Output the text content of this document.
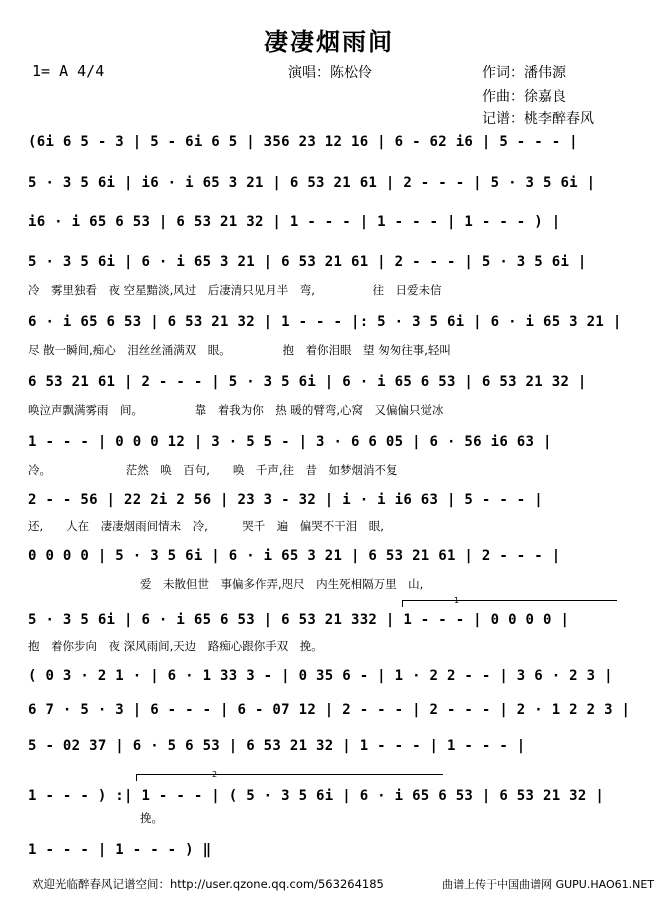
凄凄烟雨间
1= A 4/4	演唱：陈松伶	作词：潘伟源
作曲：徐嘉良
记谱：桃李醉春风
(6i 6 5 - 3 | 5 - 6i 6 5 | 356 23 12 16 | 6 - 62 i6 | 5 - - - |
5 · 3 5 6i | i6 · i 65 3 21 | 6 53 21 61 | 2 - - - | 5 · 3 5 6i |
i6 · i 65 6 53 | 6 53 21 32 | 1 - - - | 1 - - - | 1 - - - ) |
5 · 3 5 6i | 6 · i 65 3 21 | 6 53 21 61 | 2 - - - | 5 · 3 5 6i |
冷　雾里独看　夜 空星黯淡,风过　后凄清只见月半　弯,　　　　　往　日爱未信
6 · i 65 6 53 | 6 53 21 32 | 1 - - - |: 5 · 3 5 6i | 6 · i 65 3 21 |
尽 散一瞬间,痴心　泪丝丝涌满双　眼。　　　　　抱　着你泪眼　望 匆匆往事,轻叫
6 53 21 61 | 2 - - - | 5 · 3 5 6i | 6 · i 65 6 53 | 6 53 21 32 |
唤泣声飘满雾雨　间。　　　　　靠　着我为你　热 暖的臂弯,心窝　又偏偏只觉冰
1 - - - | 0 0 0 12 | 3 · 5 5 - | 3 · 6 6 05 | 6 · 56 i6 63 |
冷。　　　　　　　茫然　唤　百句,　　唤　千声,往　昔　如梦烟消不复
2 - - 56 | 22 2i 2 56 | 23 3 - 32 | i · i i6 63 | 5 - - - |
还,　　人在　凄凄烟雨间情未　冷,　　　哭千　遍　偏哭不干泪　眼,
0 0 0 0 | 5 · 3 5 6i | 6 · i 65 3 21 | 6 53 21 61 | 2 - - - |
爱　未散但世　事偏多作弄,咫尺　内生死相隔万里　山,
1
5 · 3 5 6i | 6 · i 65 6 53 | 6 53 21 332 | 1 - - - | 0 0 0 0 |
抱　着你步向　夜 深风雨间,天边　路痴心跟你手双　挽。
( 0 3 · 2 1 · | 6 · 1 33 3 - | 0 35 6 - | 1 · 2 2 - - | 3 6 · 2 3 |
6 7 · 5 · 3 | 6 - - - | 6 - 07 12 | 2 - - - | 2 - - - | 2 · 1 2 2 3 |
5 - 02 37 | 6 · 5 6 53 | 6 53 21 32 | 1 - - - | 1 - - - |
2
1 - - - ) :| 1 - - - | ( 5 · 3 5 6i | 6 · i 65 6 53 | 6 53 21 32 |
挽。
1 - - - | 1 - - - ) ‖
欢迎光临醉春风记谱空间：http://user.qzone.qq.com/563264185	曲谱上传于中国曲谱网 GUPU.HAO61.NET
